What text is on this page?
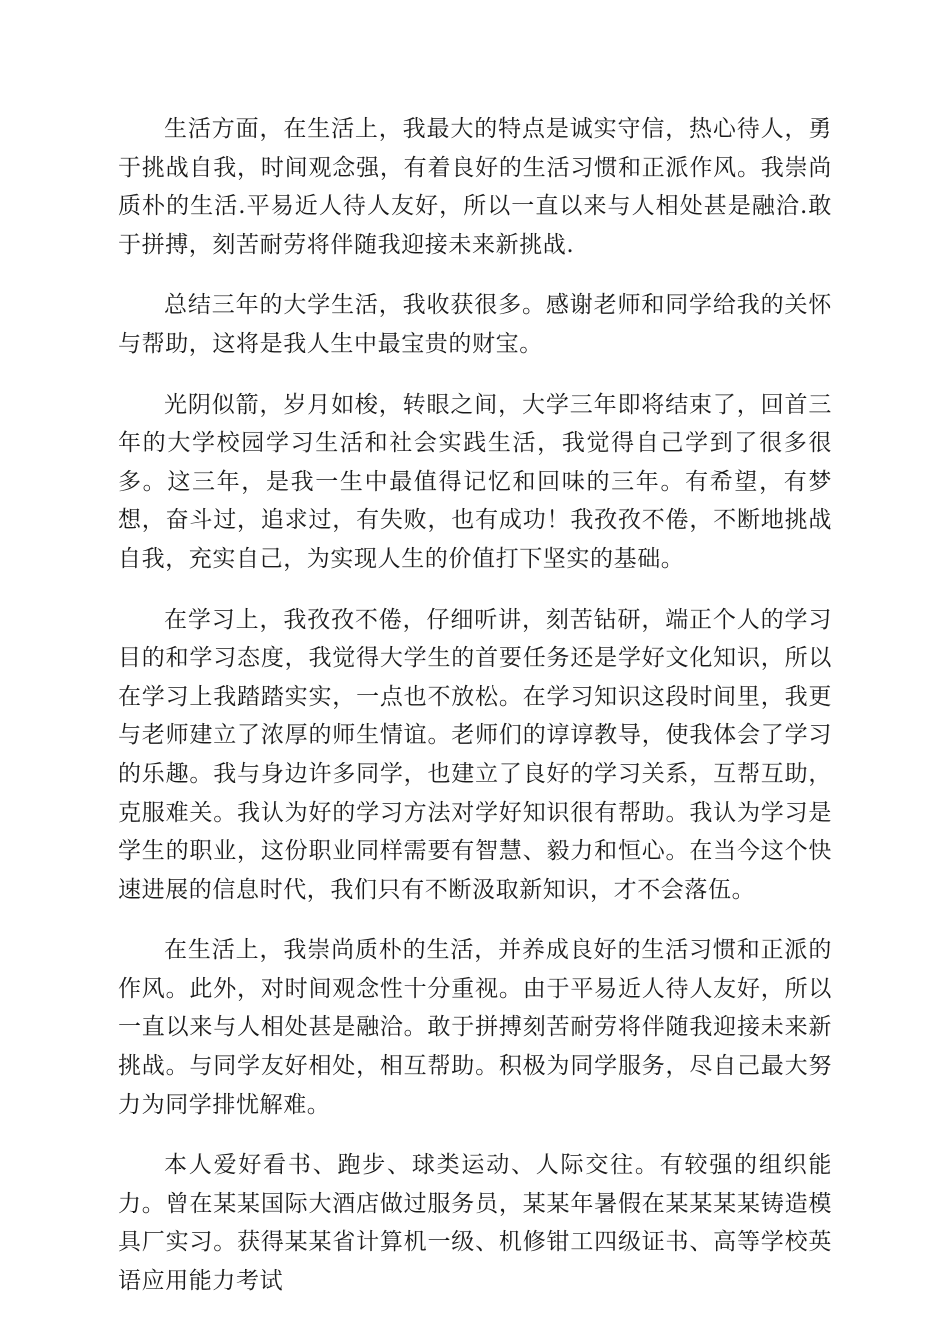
生活方面，在生活上，我最大的特点是诚实守信，热心待人，勇于挑战自我，时间观念强，有着良好的生活习惯和正派作风。我崇尚质朴的生活.平易近人待人友好，所以一直以来与人相处甚是融洽.敢于拼搏，刻苦耐劳将伴随我迎接未来新挑战.

总结三年的大学生活，我收获很多。感谢老师和同学给我的关怀与帮助，这将是我人生中最宝贵的财宝。

光阴似箭，岁月如梭，转眼之间，大学三年即将结束了，回首三年的大学校园学习生活和社会实践生活，我觉得自己学到了很多很多。这三年，是我一生中最值得记忆和回味的三年。有希望，有梦想，奋斗过，追求过，有失败，也有成功！我孜孜不倦，不断地挑战自我，充实自己，为实现人生的价值打下坚实的基础。

在学习上，我孜孜不倦，仔细听讲，刻苦钻研，端正个人的学习目的和学习态度，我觉得大学生的首要任务还是学好文化知识，所以在学习上我踏踏实实，一点也不放松。在学习知识这段时间里，我更与老师建立了浓厚的师生情谊。老师们的谆谆教导，使我体会了学习的乐趣。我与身边许多同学，也建立了良好的学习关系，互帮互助，克服难关。我认为好的学习方法对学好知识很有帮助。我认为学习是学生的职业，这份职业同样需要有智慧、毅力和恒心。在当今这个快速进展的信息时代，我们只有不断汲取新知识，才不会落伍。

在生活上，我崇尚质朴的生活，并养成良好的生活习惯和正派的作风。此外，对时间观念性十分重视。由于平易近人待人友好，所以一直以来与人相处甚是融洽。敢于拼搏刻苦耐劳将伴随我迎接未来新挑战。与同学友好相处，相互帮助。积极为同学服务，尽自己最大努力为同学排忧解难。

本人爱好看书、跑步、球类运动、人际交往。有较强的组织能力。曾在某某国际大酒店做过服务员，某某年暑假在某某某某铸造模具厂实习。获得某某省计算机一级、机修钳工四级证书、高等学校英语应用能力考试
